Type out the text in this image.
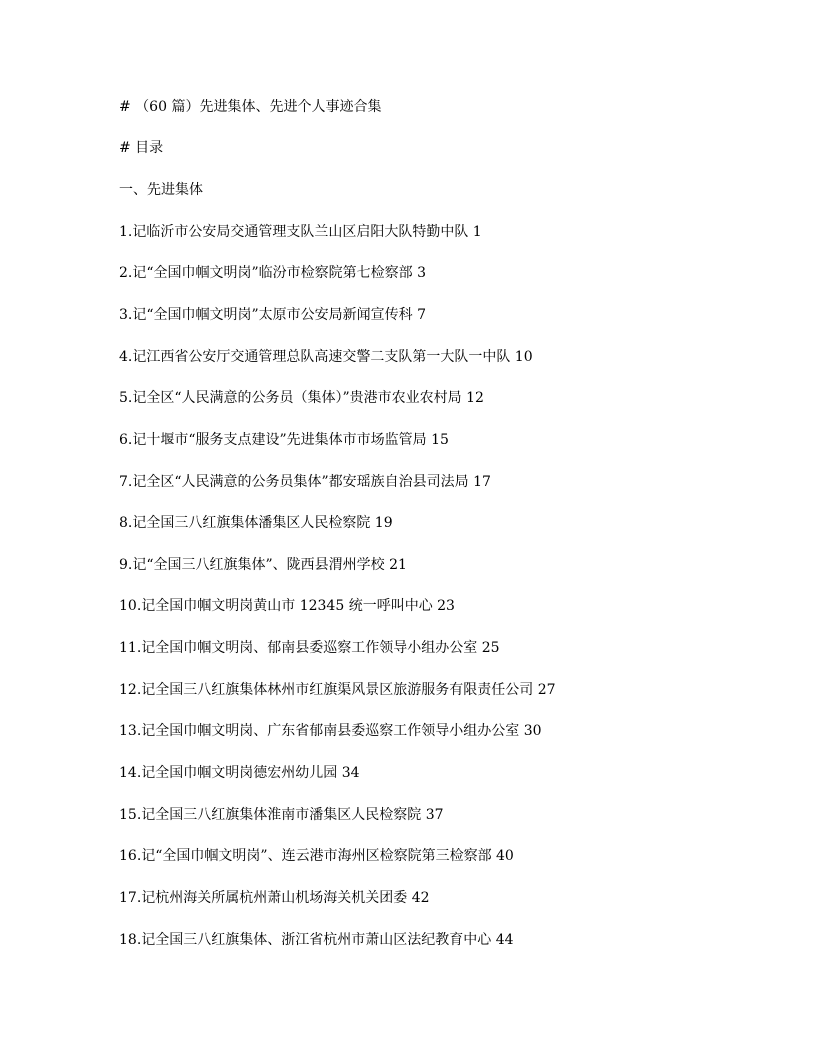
# （60 篇）先进集体、先进个人事迹合集
# 目录
一、先进集体
1.记临沂市公安局交通管理支队兰山区启阳大队特勤中队 1
2.记“全国巾帼文明岗”临汾市检察院第七检察部 3
3.记“全国巾帼文明岗”太原市公安局新闻宣传科 7
4.记江西省公安厅交通管理总队高速交警二支队第一大队一中队 10
5.记全区“人民满意的公务员（集体）”贵港市农业农村局 12
6.记十堰市“服务支点建设”先进集体市市场监管局 15
7.记全区“人民满意的公务员集体”都安瑶族自治县司法局 17
8.记全国三八红旗集体潘集区人民检察院 19
9.记“全国三八红旗集体”、陇西县渭州学校 21
10.记全国巾帼文明岗黄山市 12345 统一呼叫中心 23
11.记全国巾帼文明岗、郁南县委巡察工作领导小组办公室 25
12.记全国三八红旗集体林州市红旗渠风景区旅游服务有限责任公司 27
13.记全国巾帼文明岗、广东省郁南县委巡察工作领导小组办公室 30
14.记全国巾帼文明岗德宏州幼儿园 34
15.记全国三八红旗集体淮南市潘集区人民检察院 37
16.记“全国巾帼文明岗”、连云港市海州区检察院第三检察部 40
17.记杭州海关所属杭州萧山机场海关机关团委 42
18.记全国三八红旗集体、浙江省杭州市萧山区法纪教育中心 44
